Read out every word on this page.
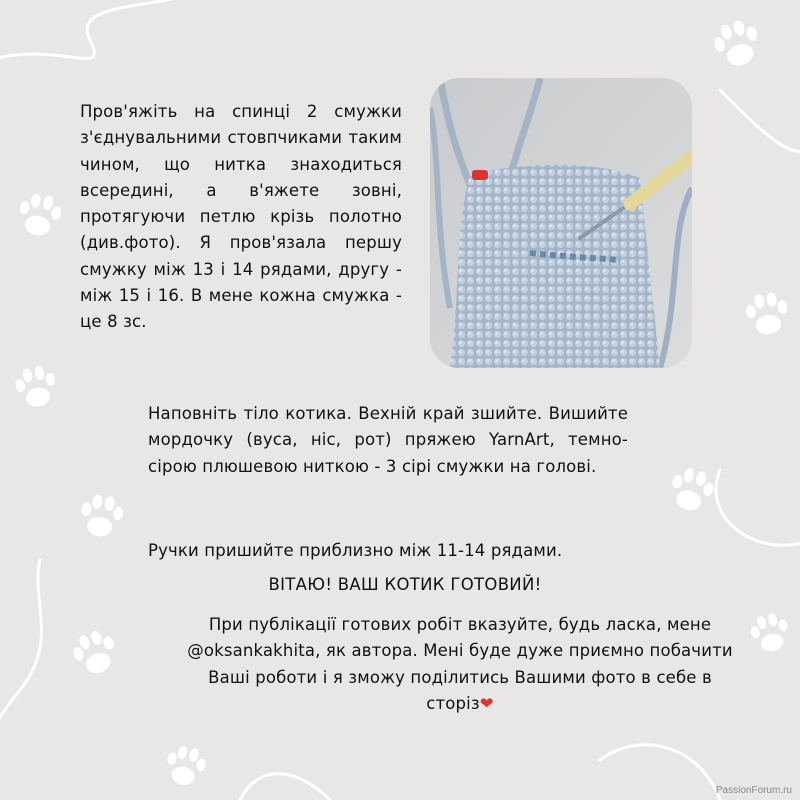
Пров'яжіть на спинці 2 смужки з'єднувальними стовпчиками таким чином, що нитка знаходиться всередині, а в'яжете зовні, протягуючи петлю крізь полотно (див.фото). Я пров'язала першу смужку між 13 і 14 рядами, другу - між 15 і 16. В мене кожна смужка - це 8 зс.
Наповніть тіло котика. Вехній край зшийте. Вишийте мордочку (вуса, ніс, рот) пряжею YarnArt, темно-сірою плюшевою ниткою - 3 сірі смужки на голові.
Ручки пришийте приблизно між 11-14 рядами.
ВІТАЮ! ВАШ КОТИК ГОТОВИЙ!
При публікації готових робіт вказуйте, будь ласка, мене @oksankakhita, як автора. Мені буде дуже приємно побачити Ваші роботи і я зможу поділитись Вашими фото в себе в сторіз❤
PassionForum.ru
